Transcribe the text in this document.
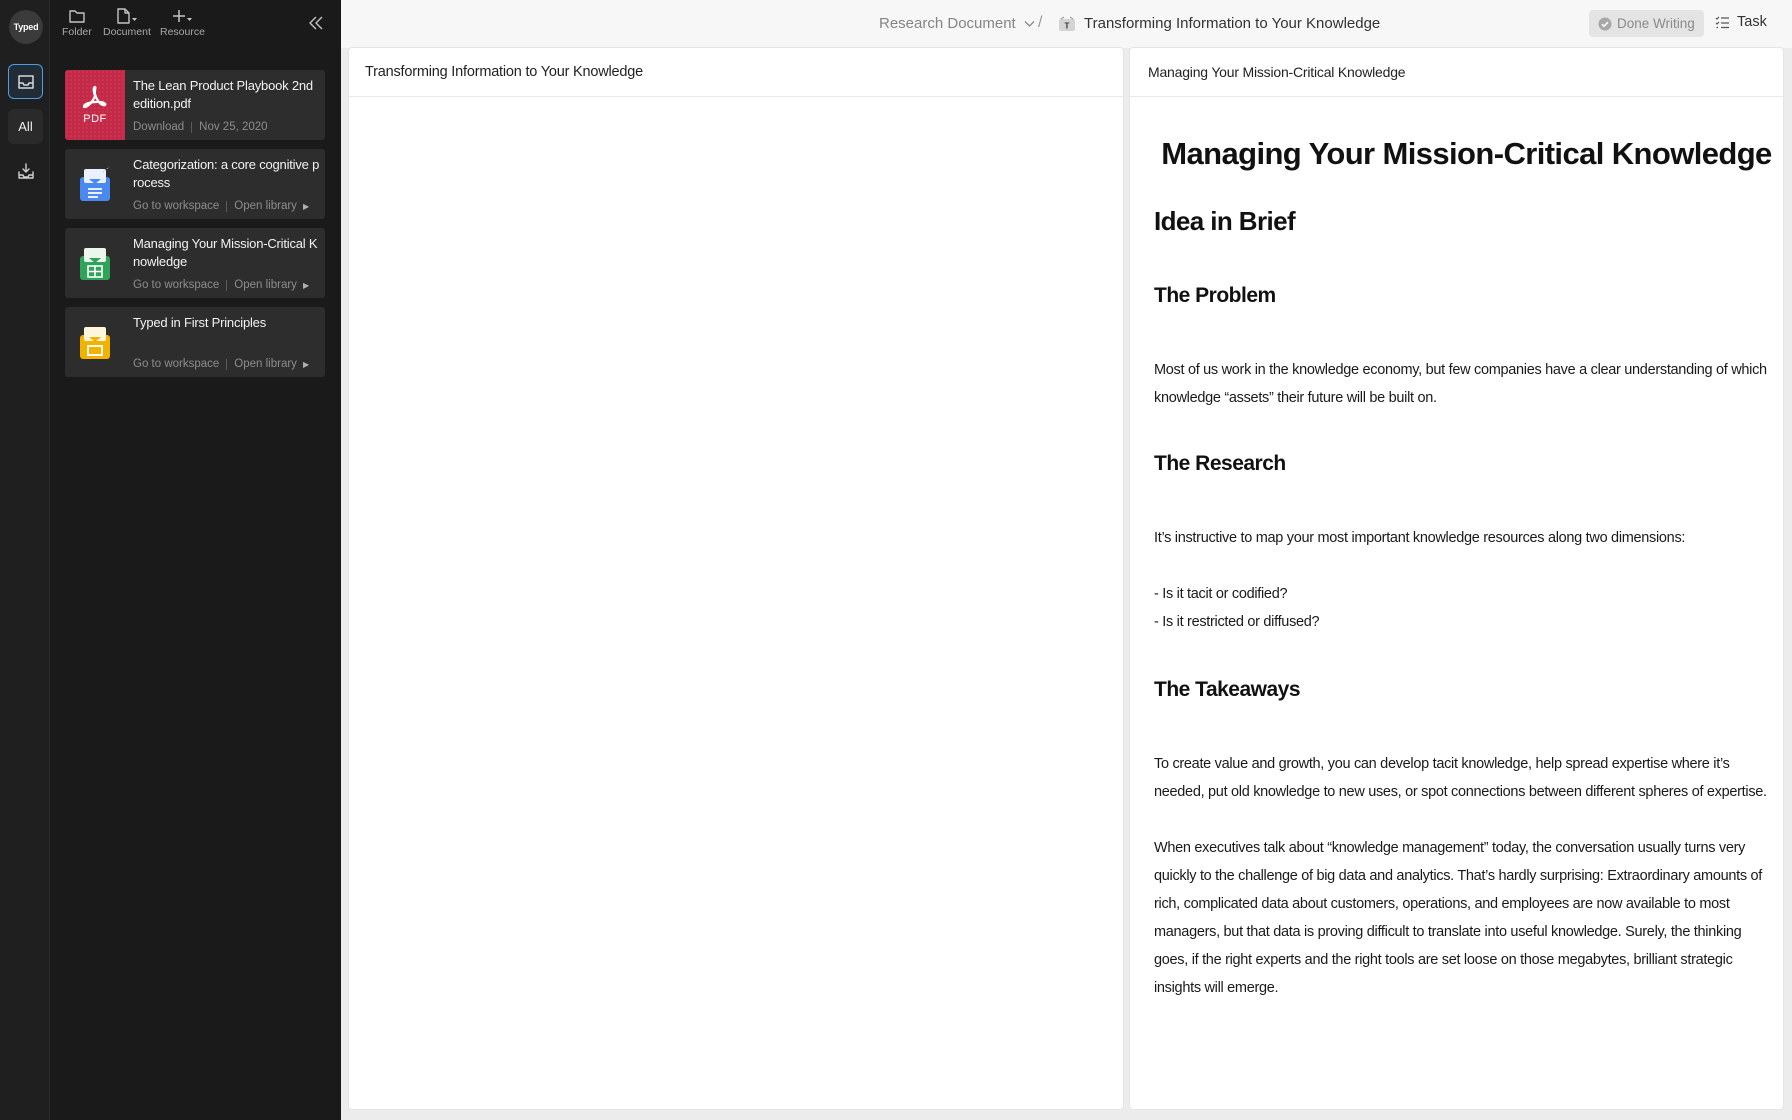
Typed
All
Folder Document Resource
PDF
The Lean Product Playbook 2nd edition.pdf
Download Nov 25, 2020
Categorization: a core cognitive process
Go to workspace Open library ▶
Managing Your Mission-Critical Knowledge
Go to workspace Open library ▶
Typed in First Principles
Go to workspace Open library ▶
Research Document /	T Transforming Information to Your Knowledge	Done Writing	Task
Transforming Information to Your Knowledge	Managing Your Mission-Critical Knowledge
Managing Your Mission-Critical Knowledge
Idea in Brief
The Problem

Most of us work in the knowledge economy, but few companies have a clear understanding of which knowledge “assets” their future will be built on.

The Research

It’s instructive to map your most important knowledge resources along two dimensions:

- Is it tacit or codified?

- Is it restricted or diffused?

The Takeaways

To create value and growth, you can develop tacit knowledge, help spread expertise where it’s needed, put old knowledge to new uses, or spot connections between different spheres of expertise.

When executives talk about “knowledge management” today, the conversation usually turns very quickly to the challenge of big data and analytics. That’s hardly surprising: Extraordinary amounts of rich, complicated data about customers, operations, and employees are now available to most managers, but that data is proving difficult to translate into useful knowledge. Surely, the thinking goes, if the right experts and the right tools are set loose on those megabytes, brilliant strategic insights will emerge.
